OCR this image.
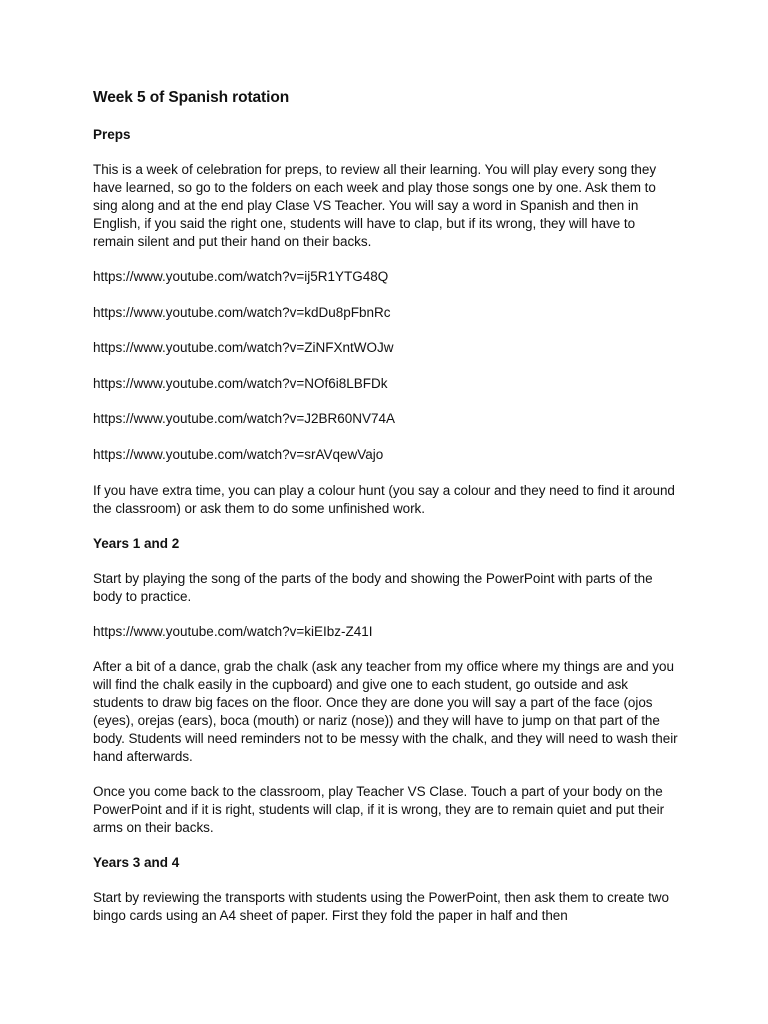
Week 5 of Spanish rotation
Preps
This is a week of celebration for preps, to review all their learning. You will play every song they have learned, so go to the folders on each week and play those songs one by one. Ask them to sing along and at the end play Clase VS Teacher. You will say a word in Spanish and then in English, if you said the right one, students will have to clap, but if its wrong, they will have to remain silent and put their hand on their backs.
https://www.youtube.com/watch?v=ij5R1YTG48Q
https://www.youtube.com/watch?v=kdDu8pFbnRc
https://www.youtube.com/watch?v=ZiNFXntWOJw
https://www.youtube.com/watch?v=NOf6i8LBFDk
https://www.youtube.com/watch?v=J2BR60NV74A
https://www.youtube.com/watch?v=srAVqewVajo
If you have extra time, you can play a colour hunt (you say a colour and they need to find it around the classroom) or ask them to do some unfinished work.
Years 1 and 2
Start by playing the song of the parts of the body and showing the PowerPoint with parts of the body to practice.
https://www.youtube.com/watch?v=kiEIbz-Z41I
After a bit of a dance, grab the chalk (ask any teacher from my office where my things are and you will find the chalk easily in the cupboard) and give one to each student, go outside and ask students to draw big faces on the floor. Once they are done you will say a part of the face (ojos (eyes), orejas (ears), boca (mouth) or nariz (nose)) and they will have to jump on that part of the body. Students will need reminders not to be messy with the chalk, and they will need to wash their hand afterwards.
Once you come back to the classroom, play Teacher VS Clase. Touch a part of your body on the PowerPoint and if it is right, students will clap, if it is wrong, they are to remain quiet and put their arms on their backs.
Years 3 and 4
Start by reviewing the transports with students using the PowerPoint, then ask them to create two bingo cards using an A4 sheet of paper. First they fold the paper in half and then
